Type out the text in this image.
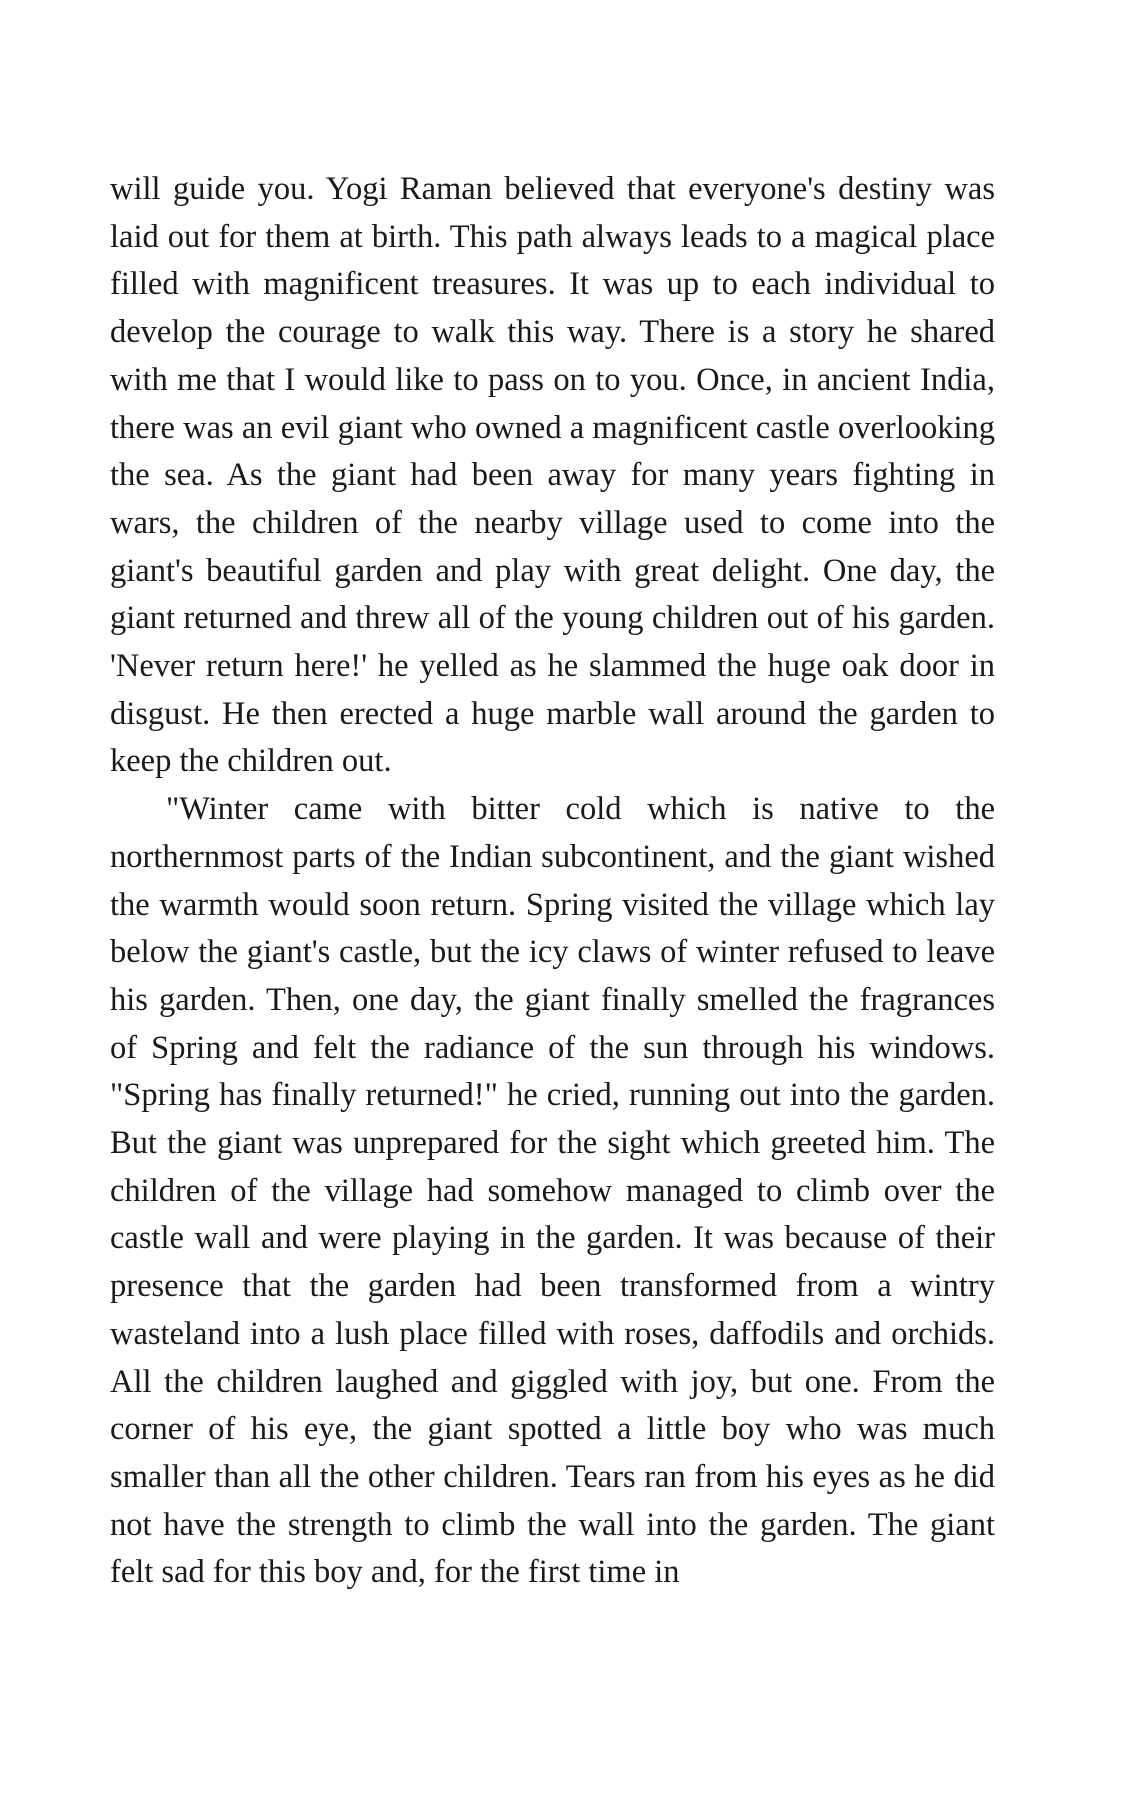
will guide you. Yogi Raman believed that everyone's destiny was laid out for them at birth. This path always leads to a magical place filled with magnificent treasures. It was up to each individual to develop the courage to walk this way. There is a story he shared with me that I would like to pass on to you. Once, in ancient India, there was an evil giant who owned a magnificent castle overlooking the sea. As the giant had been away for many years fighting in wars, the children of the nearby village used to come into the giant's beautiful garden and play with great delight. One day, the giant returned and threw all of the young children out of his garden. 'Never return here!' he yelled as he slammed the huge oak door in disgust. He then erected a huge marble wall around the garden to keep the children out.

"Winter came with bitter cold which is native to the northernmost parts of the Indian subcontinent, and the giant wished the warmth would soon return. Spring visited the village which lay below the giant's castle, but the icy claws of winter refused to leave his garden. Then, one day, the giant finally smelled the fragrances of Spring and felt the radiance of the sun through his windows. "Spring has finally returned!" he cried, running out into the garden. But the giant was unprepared for the sight which greeted him. The children of the village had somehow managed to climb over the castle wall and were playing in the garden. It was because of their presence that the garden had been transformed from a wintry wasteland into a lush place filled with roses, daffodils and orchids. All the children laughed and giggled with joy, but one. From the corner of his eye, the giant spotted a little boy who was much smaller than all the other children. Tears ran from his eyes as he did not have the strength to climb the wall into the garden. The giant felt sad for this boy and, for the first time in
